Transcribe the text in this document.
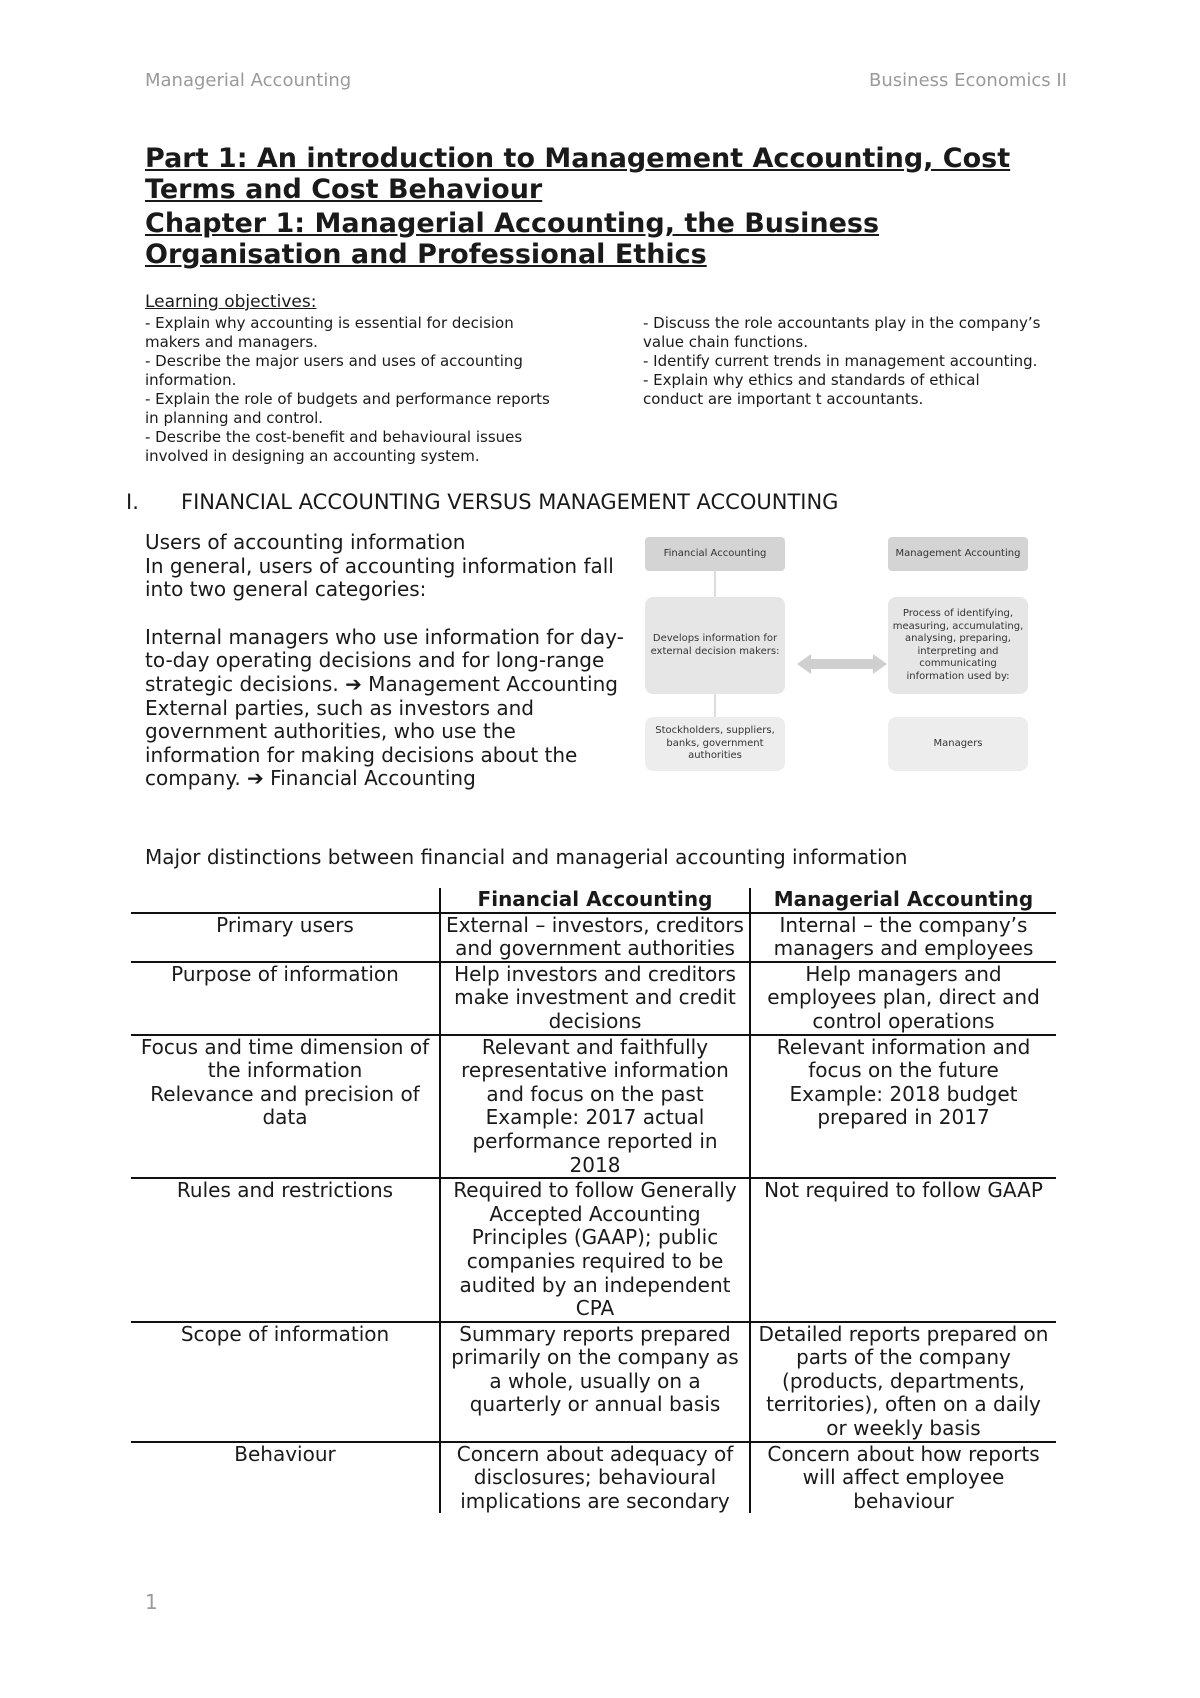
Managerial Accounting	Business Economics II
Part 1: An introduction to Management Accounting, Cost Terms and Cost Behaviour
Chapter 1: Managerial Accounting, the Business Organisation and Professional Ethics
Learning objectives:
- Explain why accounting is essential for decision makers and managers.
- Describe the major users and uses of accounting information.
- Explain the role of budgets and performance reports in planning and control.
- Describe the cost-benefit and behavioural issues involved in designing an accounting system.
- Discuss the role accountants play in the company’s value chain functions.
- Identify current trends in management accounting.
- Explain why ethics and standards of ethical conduct are important t accountants.
I. FINANCIAL ACCOUNTING VERSUS MANAGEMENT ACCOUNTING

Users of accounting information

In general, users of accounting information fall into two general categories:

Internal managers who use information for day-to-day operating decisions and for long-range strategic decisions. ➔ Management Accounting

External parties, such as investors and government authorities, who use the information for making decisions about the company. ➔ Financial Accounting

Financial Accounting	Management Accounting
Develops information for external decision makers:
Process of identifying, measuring, accumulating, analysing, preparing, interpreting and communicating information used by:
Stockholders, suppliers, banks, government authorities
Managers
Major distinctions between financial and managerial accounting information
	Financial Accounting	Managerial Accounting

Primary users	External – investors, creditors and government authorities	Internal – the company’s managers and employees

Purpose of information	Help investors and creditors make investment and credit decisions	Help managers and employees plan, direct and control operations

Focus and time dimension of the information
Relevance and precision of data	Relevant and faithfully representative information and focus on the past
Example: 2017 actual performance reported in 2018	Relevant information and focus on the future
Example: 2018 budget prepared in 2017

Rules and restrictions	Required to follow Generally Accepted Accounting Principles (GAAP); public companies required to be audited by an independent CPA	Not required to follow GAAP

Scope of information	Summary reports prepared primarily on the company as a whole, usually on a quarterly or annual basis	Detailed reports prepared on parts of the company (products, departments, territories), often on a daily or weekly basis

Behaviour	Concern about adequacy of disclosures; behavioural implications are secondary	Concern about how reports will affect employee behaviour
1
